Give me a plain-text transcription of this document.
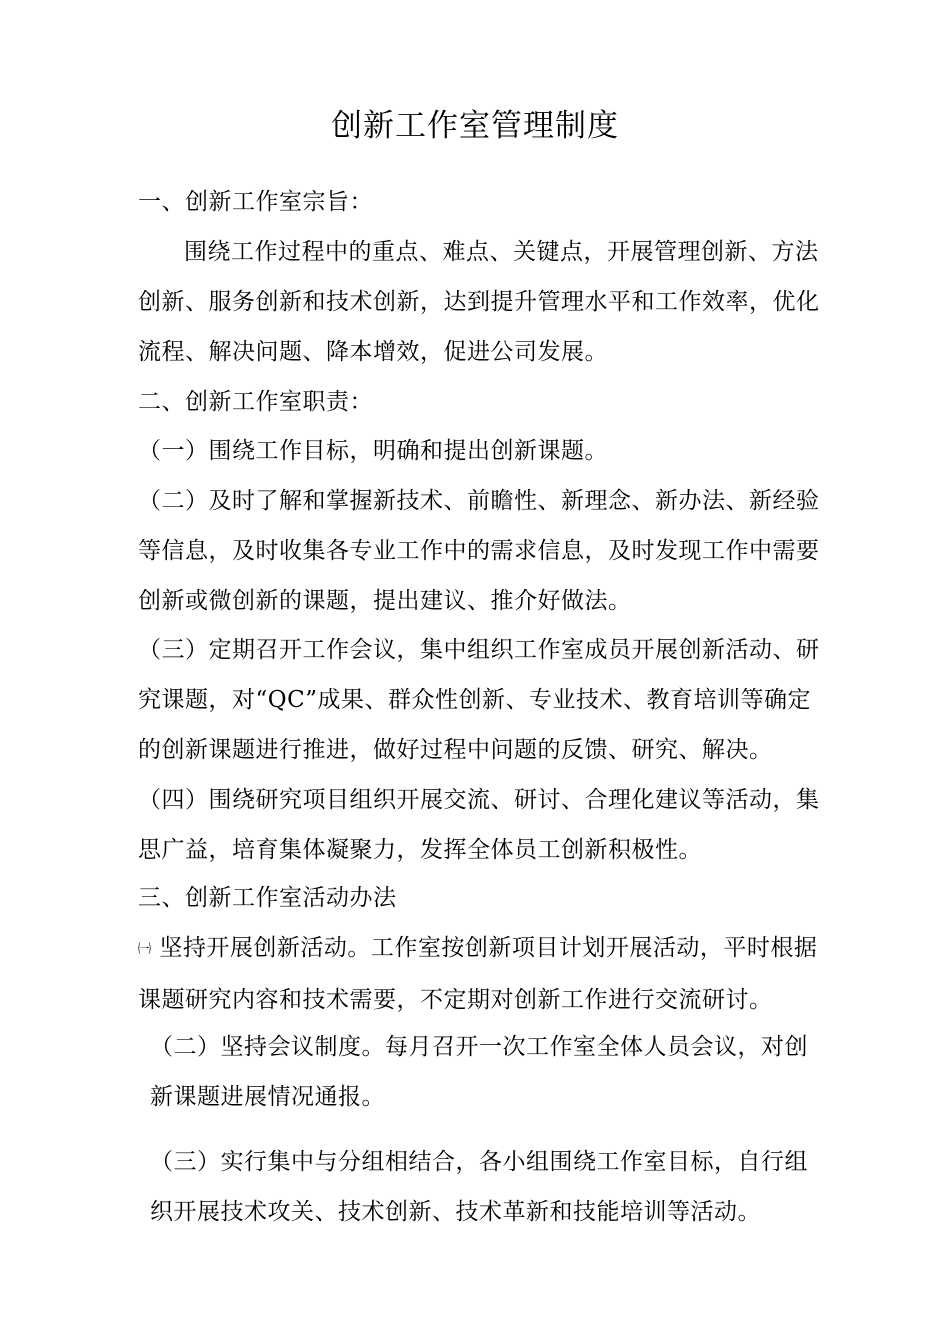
创新工作室管理制度

一、创新工作室宗旨：

围绕工作过程中的重点、难点、关键点，开展管理创新、方法创新、服务创新和技术创新，达到提升管理水平和工作效率，优化流程、解决问题、降本增效，促进公司发展。

二、创新工作室职责：

（一）围绕工作目标，明确和提出创新课题。

（二）及时了解和掌握新技术、前瞻性、新理念、新办法、新经验等信息，及时收集各专业工作中的需求信息，及时发现工作中需要创新或微创新的课题，提出建议、推介好做法。

（三）定期召开工作会议，集中组织工作室成员开展创新活动、研究课题，对“QC”成果、群众性创新、专业技术、教育培训等确定的创新课题进行推进，做好过程中问题的反馈、研究、解决。

（四）围绕研究项目组织开展交流、研讨、合理化建议等活动，集思广益，培育集体凝聚力，发挥全体员工创新积极性。

三、创新工作室活动办法

㈠ 坚持开展创新活动。工作室按创新项目计划开展活动，平时根据课题研究内容和技术需要，不定期对创新工作进行交流研讨。

（二）坚持会议制度。每月召开一次工作室全体人员会议，对创新课题进展情况通报。

（三）实行集中与分组相结合，各小组围绕工作室目标，自行组织开展技术攻关、技术创新、技术革新和技能培训等活动。
